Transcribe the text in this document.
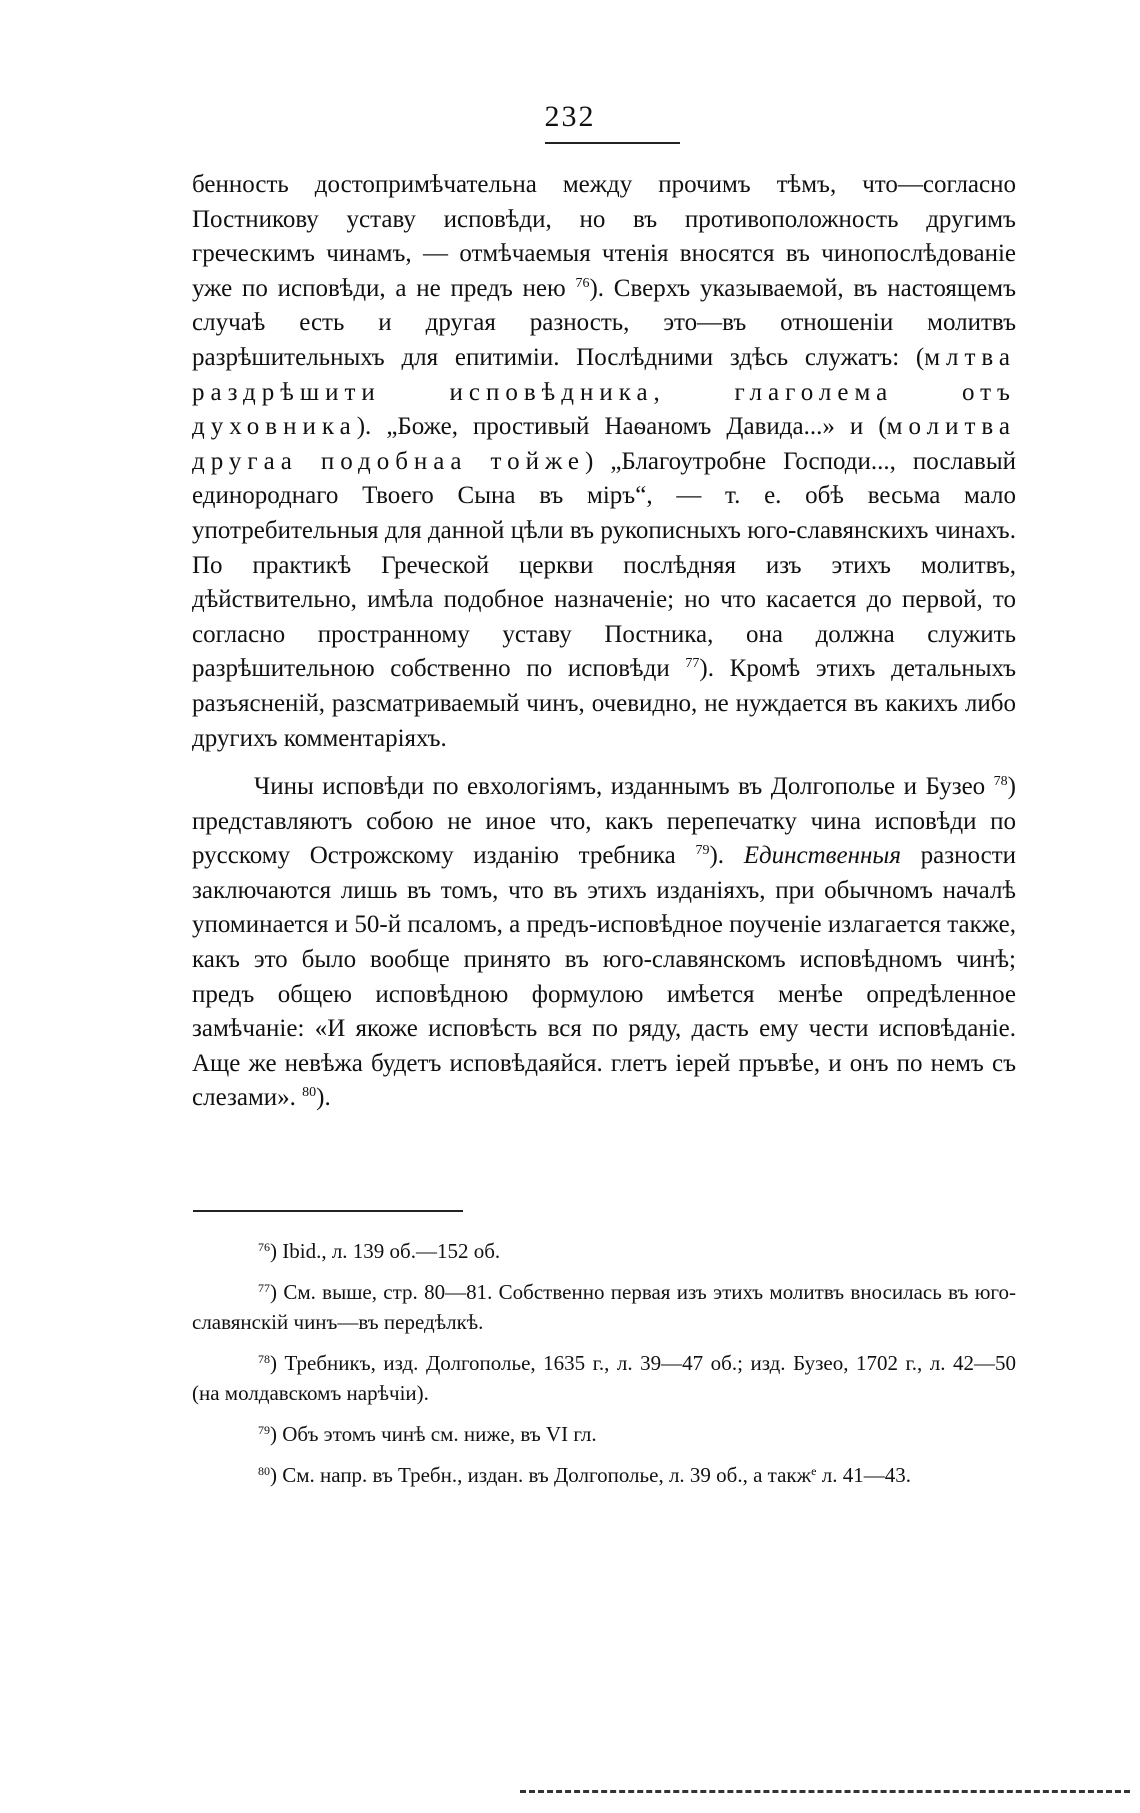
232

бенность достопримѣчательна между прочимъ тѣмъ, что—согласно Постникову уставу исповѣди, но въ противоположность другимъ греческимъ чинамъ, — отмѣчаемыя чтенія вносятся въ чинопослѣдованіе уже по исповѣди, а не предъ нею $^{76}$). Сверхъ указываемой, въ настоящемъ случаѣ есть и другая разность, это—въ отношеніи молитвъ разрѣшительныхъ для епитиміи. Послѣдними здѣсь служатъ: (млтва раздрѣшити исповѣдника, глаголема отъ духовника). „Боже, простивый Наѳаномъ Давида...» и (молитва другаа подобнаа тойже) „Благоутробне Господи..., пославый единороднаго Твоего Сына въ міръ“, — т. е. обѣ весьма мало употребительныя для данной цѣли въ рукописныхъ юго-славянскихъ чинахъ. По практикѣ Греческой церкви послѣдняя изъ этихъ молитвъ, дѣйствительно, имѣла подобное назначеніе; но что касается до первой, то согласно пространному уставу Постника, она должна служить разрѣшительною собственно по исповѣди $^{77}$). Кромѣ этихъ детальныхъ разъясненій, разсматриваемый чинъ, очевидно, не нуждается въ какихъ либо другихъ комментаріяхъ.

Чины исповѣди по евхологіямъ, изданнымъ въ Долгополье и Бузео $^{78}$) представляютъ собою не иное что, какъ перепечатку чина исповѣди по русскому Острожскому изданію требника $^{79}$). Единственныя разности заключаются лишь въ томъ, что въ этихъ изданіяхъ, при обычномъ началѣ упоминается и 50-й псаломъ, а предъ-исповѣдное поученіе излагается также, какъ это было вообще принято въ юго-славянскомъ исповѣдномъ чинѣ; предъ общею исповѣдною формулою имѣется менѣе опредѣленное замѣчаніе: «И якоже исповѣсть вся по ряду, дасть ему чести исповѣданіе. Аще же невѣжа будетъ исповѣдаяйся. глетъ іерей пръвѣе, и онъ по немъ съ слезами». $^{80}$).

$^{76}$) Ibid., л. 139 об.—152 об.

$^{77}$) См. выше, стр. 80—81. Собственно первая изъ этихъ молитвъ вносилась въ юго-славянскій чинъ—въ передѣлкѣ.

$^{78}$) Требникъ, изд. Долгополье, 1635 г., л. 39—47 об.; изд. Бузео, 1702 г., л. 42—50 (на молдавскомъ нарѣчіи).

$^{79}$) Объ этомъ чинѣ см. ниже, въ VI гл.

$^{80}$) См. напр. въ Требн., издан. въ Долгополье, л. 39 об., а такж$^е$ л. 41—43.
